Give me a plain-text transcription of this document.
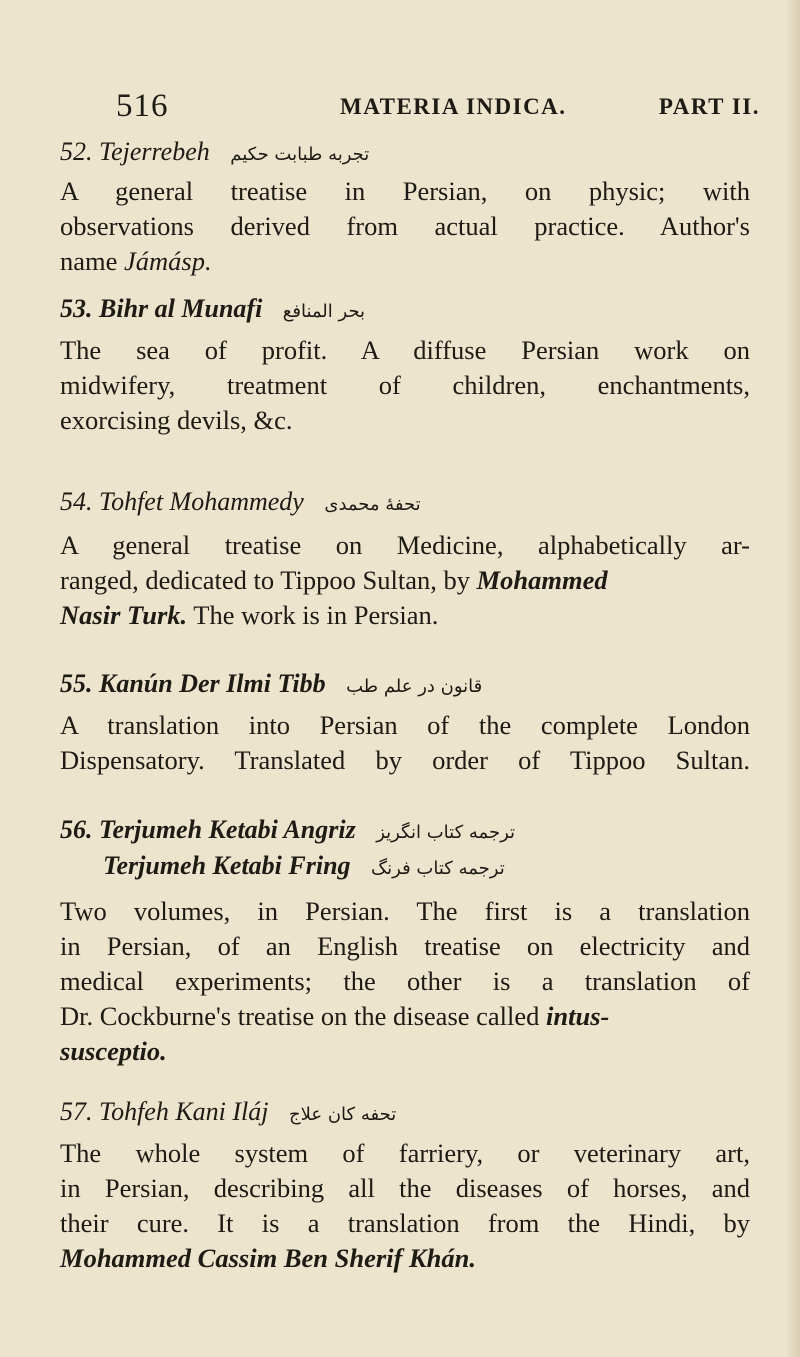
516	MATERIA INDICA.	PART II.
52. Tejerrebeh تجربه طبابت حكيم
A general treatise in Persian, on physic; with
observations derived from actual practice. Author's
name Jámásp.
53. Bihr al Munafi بحر المنافع
The sea of profit. A diffuse Persian work on
midwifery, treatment of children, enchantments,
exorcising devils, &c.
54. Tohfet Mohammedy تحفهٔ محمدی
A general treatise on Medicine, alphabetically ar-
ranged, dedicated to Tippoo Sultan, by Mohammed
Nasir Turk. The work is in Persian.
55. Kanún Der Ilmi Tibb قانون در علم طب
A translation into Persian of the complete London
Dispensatory. Translated by order of Tippoo Sultan.
56. Terjumeh Ketabi Angriz ترجمه كتاب انگریز
Terjumeh Ketabi Fring ترجمه كتاب فرنگ
Two volumes, in Persian. The first is a translation
in Persian, of an English treatise on electricity and
medical experiments; the other is a translation of
Dr. Cockburne's treatise on the disease called intus-
susceptio.
57. Tohfeh Kani Iláj تحفه كان علاج
The whole system of farriery, or veterinary art,
in Persian, describing all the diseases of horses, and
their cure. It is a translation from the Hindi, by
Mohammed Cassim Ben Sherif Khán.
